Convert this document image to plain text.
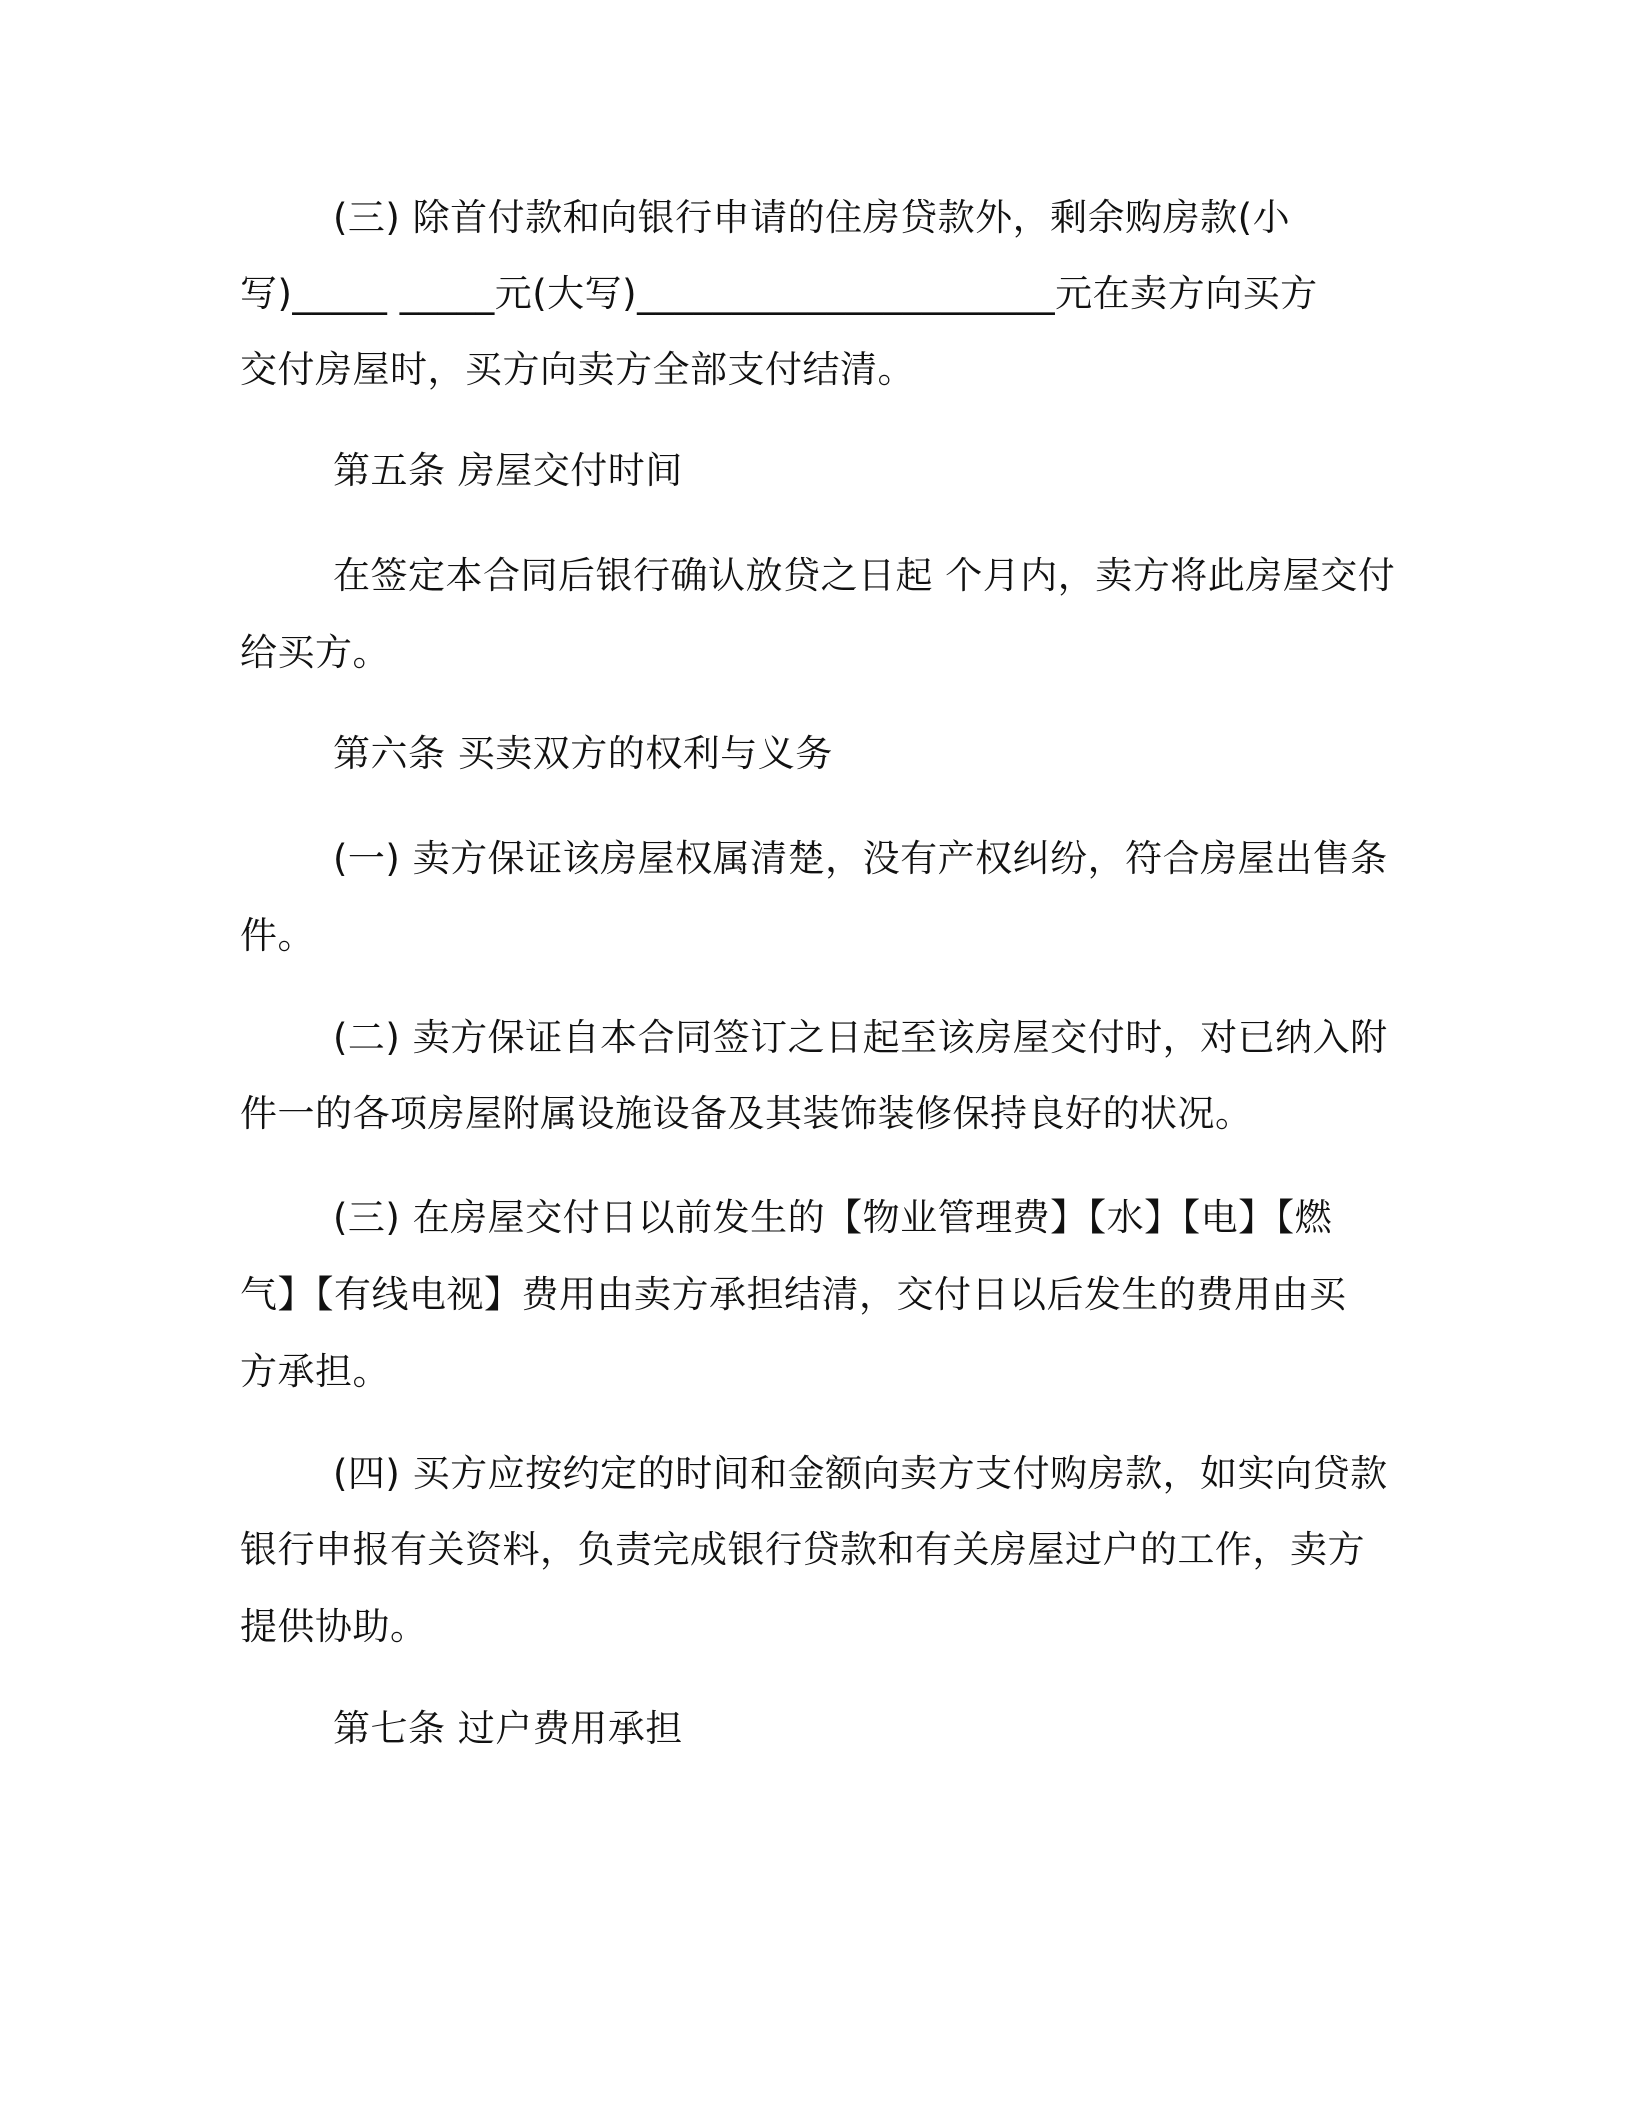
(三) 除首付款和向银行申请的住房贷款外，剩余购房款(小
写)_____ _____元(大写)______________________元在卖方向买方
交付房屋时，买方向卖方全部支付结清。
第五条 房屋交付时间
在签定本合同后银行确认放贷之日起 个月内，卖方将此房屋交付
给买方。
第六条 买卖双方的权利与义务
(一) 卖方保证该房屋权属清楚，没有产权纠纷，符合房屋出售条
件。
(二) 卖方保证自本合同签订之日起至该房屋交付时，对已纳入附
件一的各项房屋附属设施设备及其装饰装修保持良好的状况。
(三) 在房屋交付日以前发生的【物业管理费】【水】【电】【燃
气】【有线电视】费用由卖方承担结清，交付日以后发生的费用由买
方承担。
(四) 买方应按约定的时间和金额向卖方支付购房款，如实向贷款
银行申报有关资料，负责完成银行贷款和有关房屋过户的工作，卖方
提供协助。
第七条 过户费用承担
